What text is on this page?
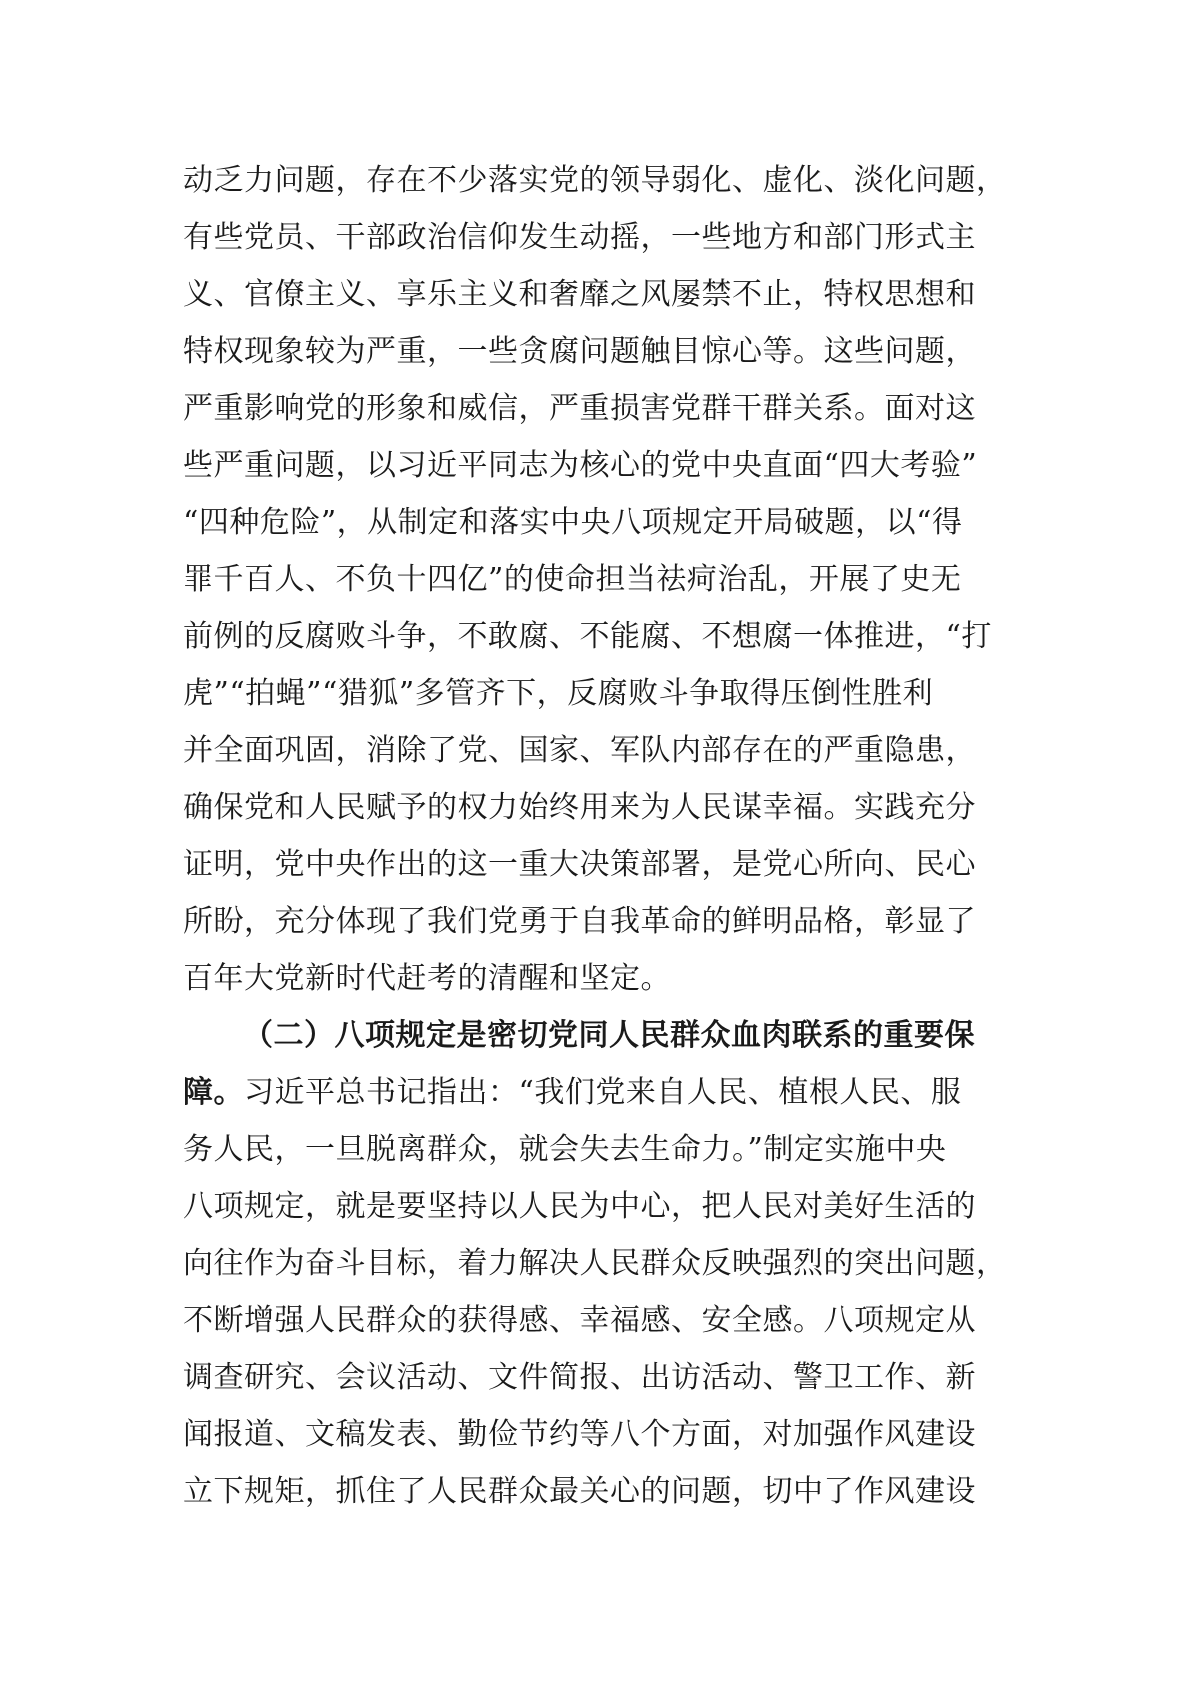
动乏力问题，存在不少落实党的领导弱化、虚化、淡化问题，
有些党员、干部政治信仰发生动摇，一些地方和部门形式主
义、官僚主义、享乐主义和奢靡之风屡禁不止，特权思想和
特权现象较为严重，一些贪腐问题触目惊心等。这些问题，
严重影响党的形象和威信，严重损害党群干群关系。面对这
些严重问题，以习近平同志为核心的党中央直面“四大考验”
“四种危险”，从制定和落实中央八项规定开局破题，以“得
罪千百人、不负十四亿”的使命担当祛疴治乱，开展了史无
前例的反腐败斗争，不敢腐、不能腐、不想腐一体推进，“打
虎”“拍蝇”“猎狐”多管齐下，反腐败斗争取得压倒性胜利
并全面巩固，消除了党、国家、军队内部存在的严重隐患，
确保党和人民赋予的权力始终用来为人民谋幸福。实践充分
证明，党中央作出的这一重大决策部署，是党心所向、民心
所盼，充分体现了我们党勇于自我革命的鲜明品格，彰显了
百年大党新时代赶考的清醒和坚定。
（二）八项规定是密切党同人民群众血肉联系的重要保
障。习近平总书记指出：“我们党来自人民、植根人民、服
务人民，一旦脱离群众，就会失去生命力。”制定实施中央
八项规定，就是要坚持以人民为中心，把人民对美好生活的
向往作为奋斗目标，着力解决人民群众反映强烈的突出问题，
不断增强人民群众的获得感、幸福感、安全感。八项规定从
调查研究、会议活动、文件简报、出访活动、警卫工作、新
闻报道、文稿发表、勤俭节约等八个方面，对加强作风建设
立下规矩，抓住了人民群众最关心的问题，切中了作风建设
